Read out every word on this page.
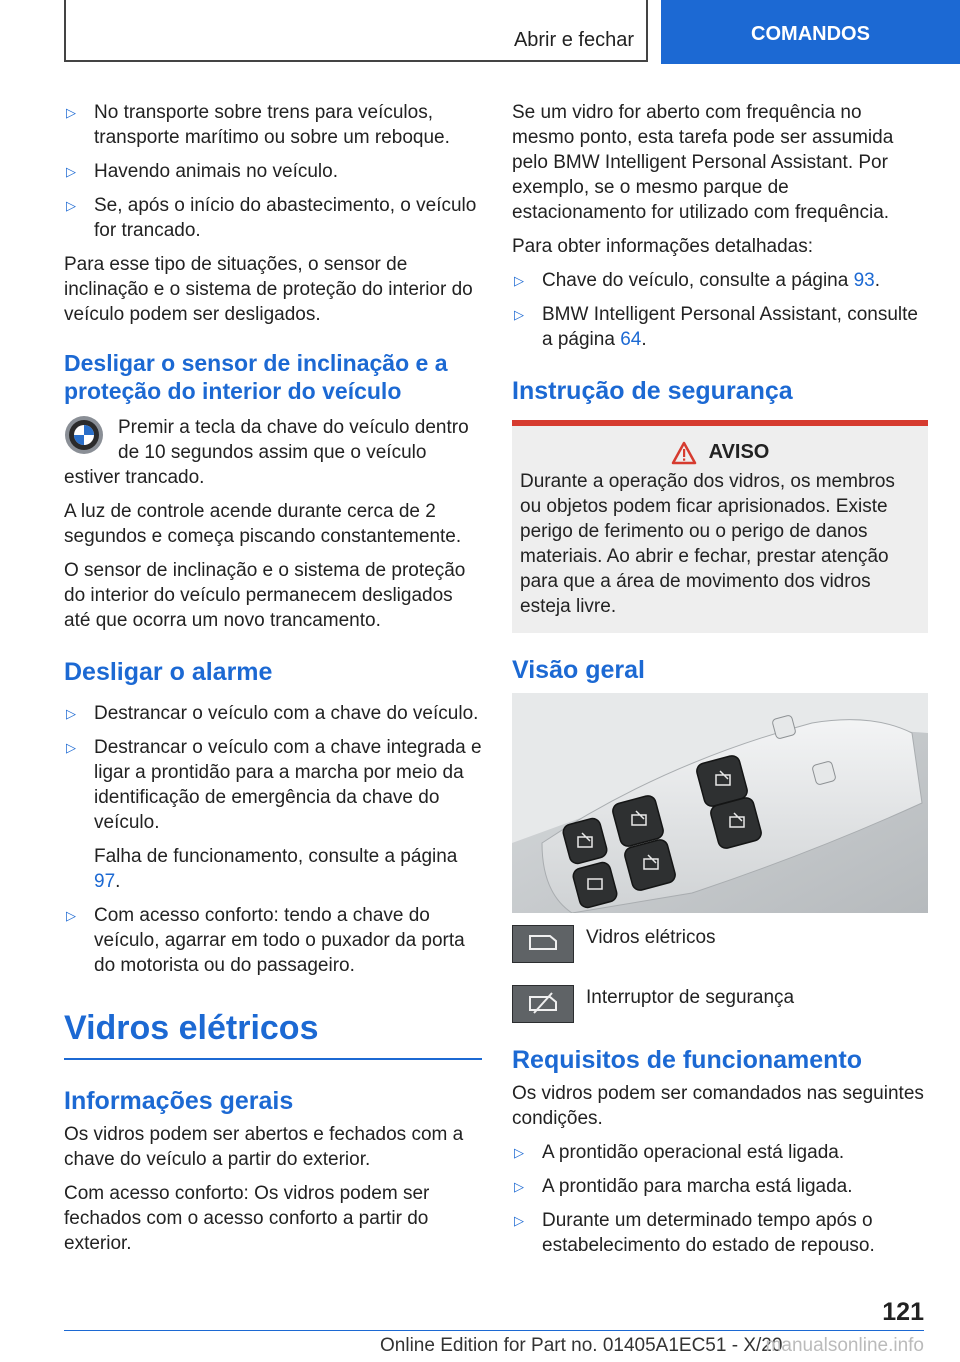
Abrir e fechar	COMANDOS
▷ No transporte sobre trens para veículos, transporte marítimo ou sobre um reboque.
▷ Havendo animais no veículo.
▷ Se, após o início do abastecimento, o veículo for trancado.

Para esse tipo de situações, o sensor de inclinação e o sistema de proteção do interior do veículo podem ser desligados.

Desligar o sensor de inclinação e a proteção do interior do veículo

Premir a tecla da chave do veículo dentro de 10 segundos assim que o veículo estiver trancado.

A luz de controle acende durante cerca de 2 segundos e começa piscando constantemente.

O sensor de inclinação e o sistema de proteção do interior do veículo permanecem desligados até que ocorra um novo trancamento.

Desligar o alarme
▷ Destrancar o veículo com a chave do veículo.
▷ Destrancar o veículo com a chave integrada e ligar a prontidão para a marcha por meio da identificação de emergência da chave do veículo.
Falha de funcionamento, consulte a página 97.
▷ Com acesso conforto: tendo a chave do veículo, agarrar em todo o puxador da porta do motorista ou do passageiro.
Vidros elétricos
Informações gerais

Os vidros podem ser abertos e fechados com a chave do veículo a partir do exterior.

Com acesso conforto: Os vidros podem ser fechados com o acesso conforto a partir do exterior.

Se um vidro for aberto com frequência no mesmo ponto, esta tarefa pode ser assumida pelo BMW Intelligent Personal Assistant. Por exemplo, se o mesmo parque de estacionamento for utilizado com frequência.

Para obter informações detalhadas:

▷ Chave do veículo, consulte a página 93.
▷ BMW Intelligent Personal Assistant, consulte a página 64.
Instrução de segurança
AVISO
Durante a operação dos vidros, os membros ou objetos podem ficar aprisionados. Existe perigo de ferimento ou o perigo de danos materiais. Ao abrir e fechar, prestar atenção para que a área de movimento dos vidros esteja livre.
Visão geral
Vidros elétricos
Interruptor de segurança
Requisitos de funcionamento

Os vidros podem ser comandados nas seguintes condições.

▷ A prontidão operacional está ligada.
▷ A prontidão para marcha está ligada.
▷ Durante um determinado tempo após o estabelecimento do estado de repouso.
121
Online Edition for Part no. 01405A1EC51 - X/20
manualsonline.info
